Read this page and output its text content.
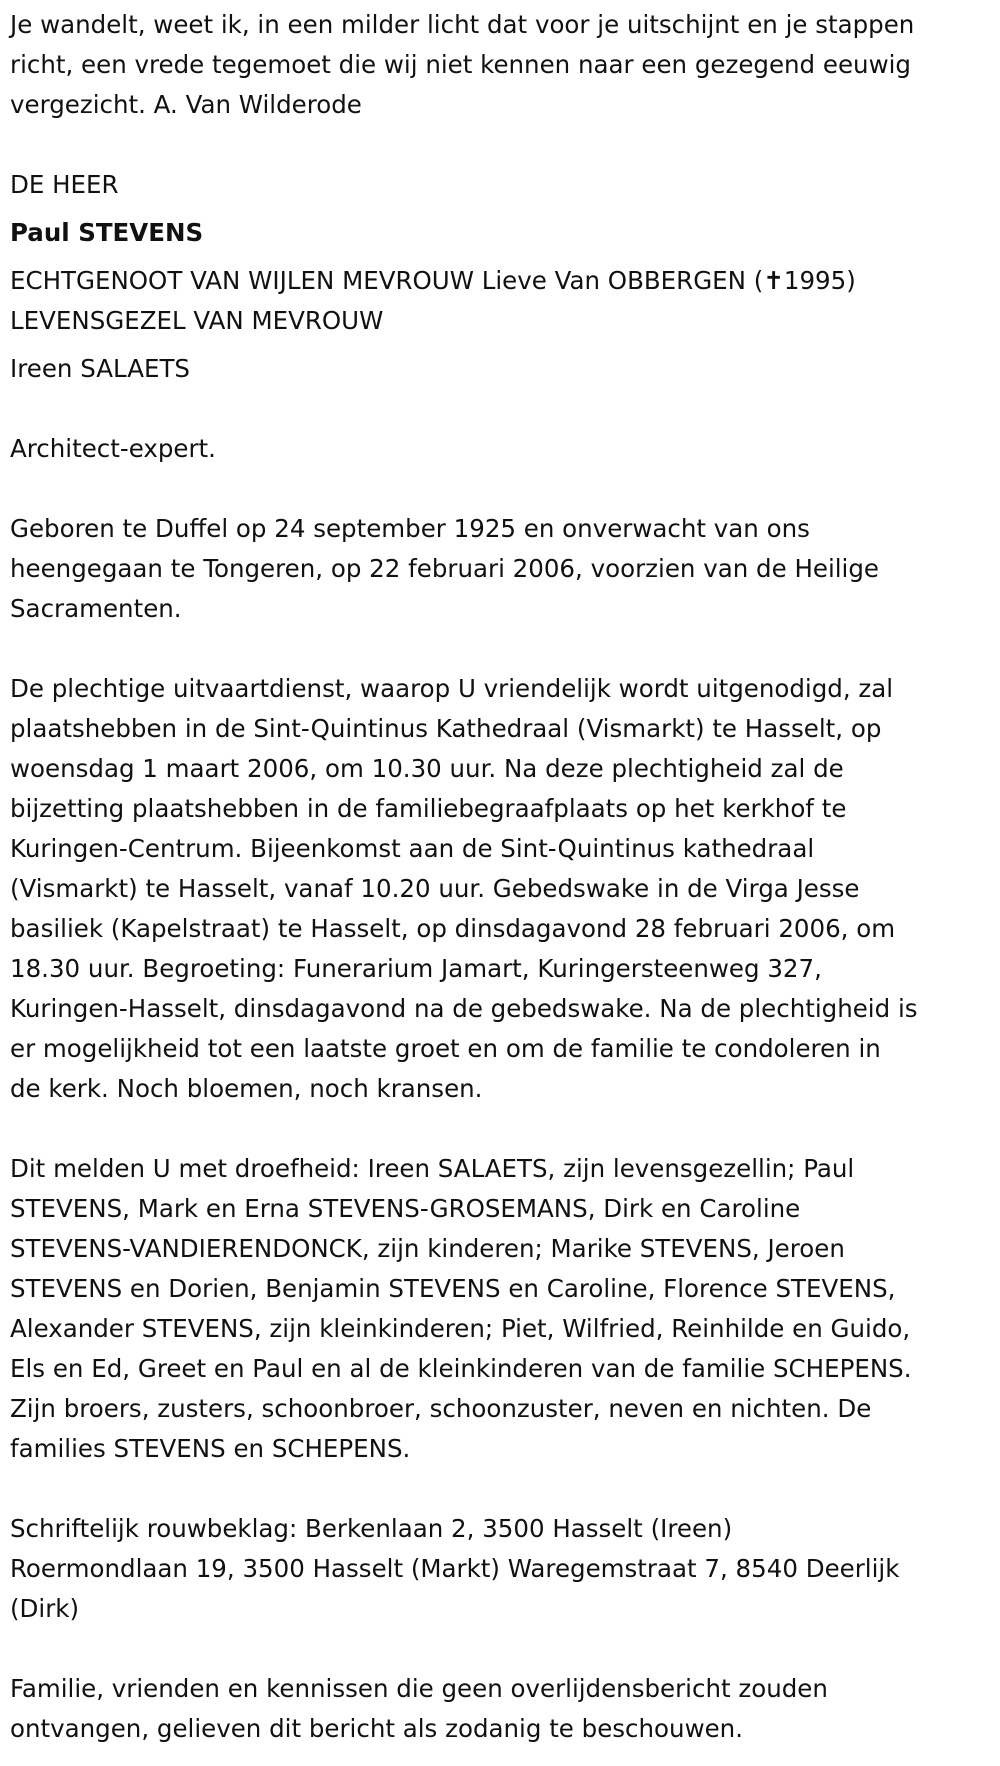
Je wandelt, weet ik, in een milder licht dat voor je uitschijnt en je stappen
richt, een vrede tegemoet die wij niet kennen naar een gezegend eeuwig
vergezicht. A. Van Wilderode

DE HEER

Paul STEVENS

ECHTGENOOT VAN WIJLEN MEVROUW Lieve Van OBBERGEN (✝1995)

LEVENSGEZEL VAN MEVROUW

Ireen SALAETS

Architect-expert.

Geboren te Duffel op 24 september 1925 en onverwacht van ons
heengegaan te Tongeren, op 22 februari 2006, voorzien van de Heilige
Sacramenten.

De plechtige uitvaartdienst, waarop U vriendelijk wordt uitgenodigd, zal
plaatshebben in de Sint-Quintinus Kathedraal (Vismarkt) te Hasselt, op
woensdag 1 maart 2006, om 10.30 uur. Na deze plechtigheid zal de
bijzetting plaatshebben in de familiebegraafplaats op het kerkhof te
Kuringen-Centrum. Bijeenkomst aan de Sint-Quintinus kathedraal
(Vismarkt) te Hasselt, vanaf 10.20 uur. Gebedswake in de Virga Jesse
basiliek (Kapelstraat) te Hasselt, op dinsdagavond 28 februari 2006, om
18.30 uur. Begroeting: Funerarium Jamart, Kuringersteenweg 327,
Kuringen-Hasselt, dinsdagavond na de gebedswake. Na de plechtigheid is
er mogelijkheid tot een laatste groet en om de familie te condoleren in
de kerk. Noch bloemen, noch kransen.

Dit melden U met droefheid: Ireen SALAETS, zijn levensgezellin; Paul
STEVENS, Mark en Erna STEVENS-GROSEMANS, Dirk en Caroline
STEVENS-VANDIERENDONCK, zijn kinderen; Marike STEVENS, Jeroen
STEVENS en Dorien, Benjamin STEVENS en Caroline, Florence STEVENS,
Alexander STEVENS, zijn kleinkinderen; Piet, Wilfried, Reinhilde en Guido,
Els en Ed, Greet en Paul en al de kleinkinderen van de familie SCHEPENS.
Zijn broers, zusters, schoonbroer, schoonzuster, neven en nichten. De
families STEVENS en SCHEPENS.

Schriftelijk rouwbeklag: Berkenlaan 2, 3500 Hasselt (Ireen)
Roermondlaan 19, 3500 Hasselt (Markt) Waregemstraat 7, 8540 Deerlijk
(Dirk)

Familie, vrienden en kennissen die geen overlijdensbericht zouden
ontvangen, gelieven dit bericht als zodanig te beschouwen.
